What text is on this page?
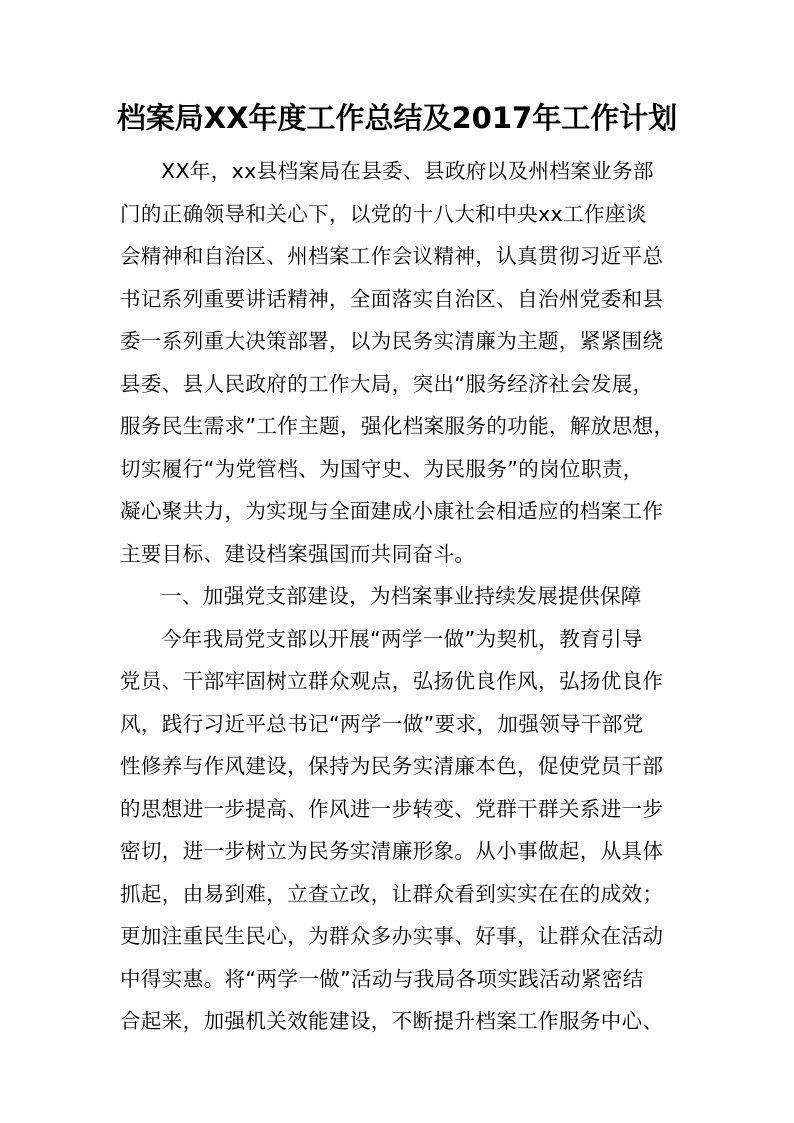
档案局XX年度工作总结及2017年工作计划
XX年，xx县档案局在县委、县政府以及州档案业务部
门的正确领导和关心下，以党的十八大和中央xx工作座谈
会精神和自治区、州档案工作会议精神，认真贯彻习近平总
书记系列重要讲话精神，全面落实自治区、自治州党委和县
委一系列重大决策部署，以为民务实清廉为主题，紧紧围绕
县委、县人民政府的工作大局，突出“服务经济社会发展，
服务民生需求”工作主题，强化档案服务的功能，解放思想，
切实履行“为党管档、为国守史、为民服务”的岗位职责，
凝心聚共力，为实现与全面建成小康社会相适应的档案工作
主要目标、建设档案强国而共同奋斗。
一、加强党支部建设，为档案事业持续发展提供保障
今年我局党支部以开展“两学一做”为契机，教育引导
党员、干部牢固树立群众观点，弘扬优良作风，弘扬优良作
风，践行习近平总书记“两学一做”要求，加强领导干部党
性修养与作风建设，保持为民务实清廉本色，促使党员干部
的思想进一步提高、作风进一步转变、党群干群关系进一步
密切，进一步树立为民务实清廉形象。从小事做起，从具体
抓起，由易到难，立查立改，让群众看到实实在在的成效；
更加注重民生民心，为群众多办实事、好事，让群众在活动
中得实惠。将“两学一做”活动与我局各项实践活动紧密结
合起来，加强机关效能建设，不断提升档案工作服务中心、
